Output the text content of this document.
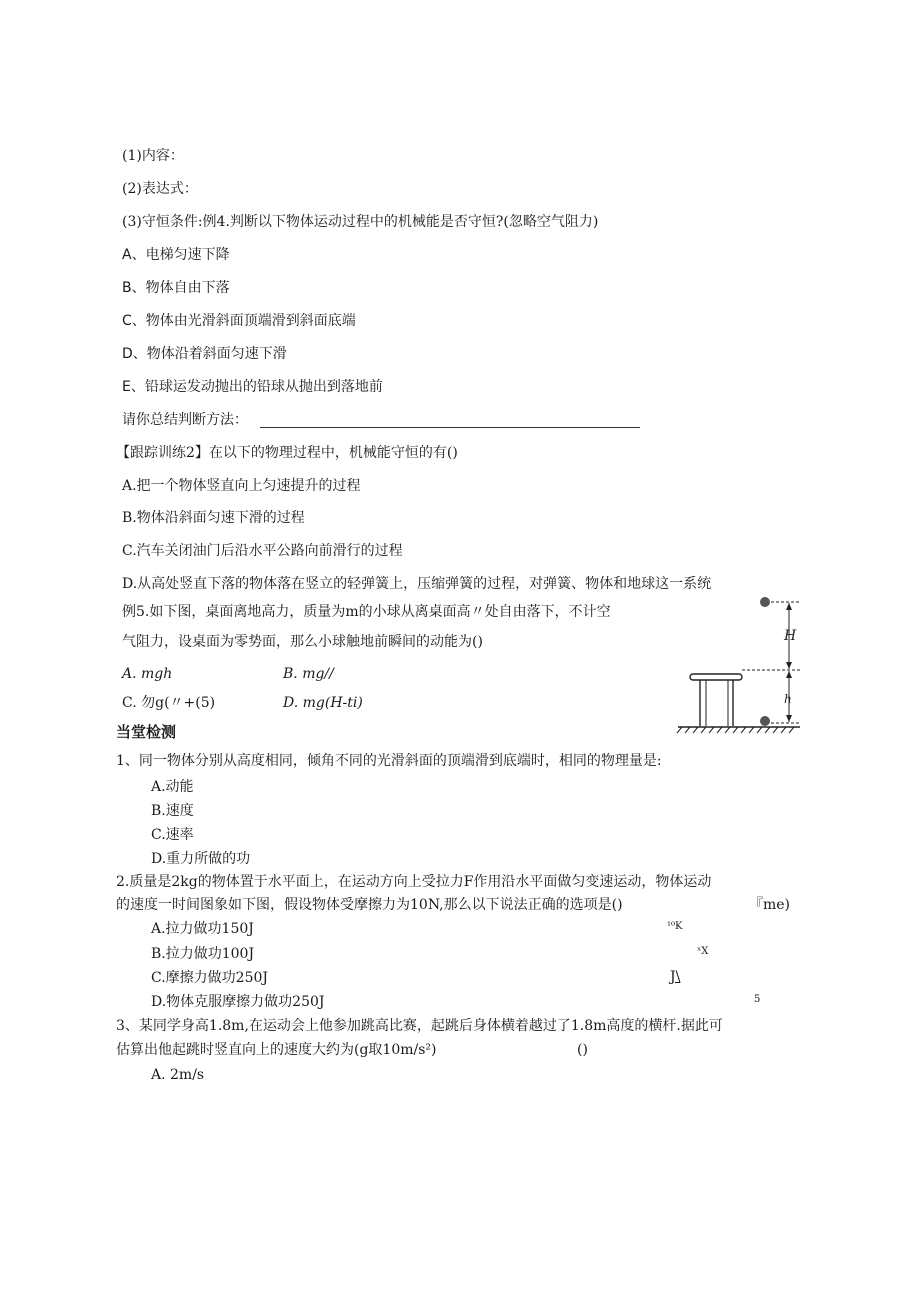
(1)内容：
(2)表达式：
(3)守恒条件:例4.判断以下物体运动过程中的机械能是否守恒?(忽略空气阻力)
A、电梯匀速下降
B、物体自由下落
C、物体由光滑斜面顶端滑到斜面底端
D、物体沿着斜面匀速下滑
E、铅球运发动抛出的铅球从抛出到落地前
请你总结判断方法：
【跟踪训练2】在以下的物理过程中，机械能守恒的有()
A.把一个物体竖直向上匀速提升的过程
B.物体沿斜面匀速下滑的过程
C.汽车关闭油门后沿水平公路向前滑行的过程
D.从高处竖直下落的物体落在竖立的轻弹簧上，压缩弹簧的过程，对弹簧、物体和地球这一系统
例5.如下图，桌面离地高力，质量为m的小球从离桌面高〃处自由落下，不计空
气阻力，设桌面为零势面，那么小球触地前瞬间的动能为()
A. mgh	B. mg//
C. 勿g(〃+(5)	D. mg(H-ti)
H
h
当堂检测
1、同一物体分别从高度相同，倾角不同的光滑斜面的顶端滑到底端时，相同的物理量是:
A.动能
B.速度
C.速率
D.重力所做的功
2.质量是2kg的物体置于水平面上，在运动方向上受拉力F作用沿水平面做匀变速运动，物体运动
的速度一时间图象如下图，假设物体受摩擦力为10N,那么以下说法正确的选项是()	『me)
A.拉力做功150J	¹⁰K
B.拉力做功100J	ˣX
C.摩擦力做功250J	J\
D.物体克服摩擦力做功250J	5
3、某同学身高1.8m,在运动会上他参加跳高比赛，起跳后身体横着越过了1.8m高度的横杆.据此可
估算出他起跳时竖直向上的速度大约为(g取10m/s²)	()
A. 2m/s
